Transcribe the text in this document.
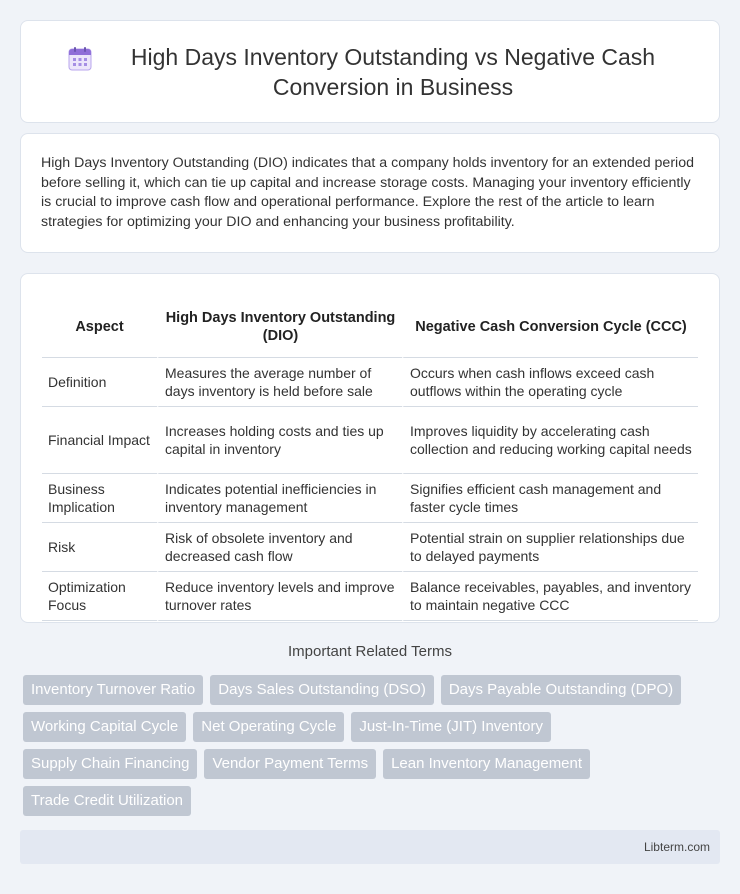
High Days Inventory Outstanding vs Negative Cash Conversion in Business

High Days Inventory Outstanding (DIO) indicates that a company holds inventory for an extended period before selling it, which can tie up capital and increase storage costs. Managing your inventory efficiently is crucial to improve cash flow and operational performance. Explore the rest of the article to learn strategies for optimizing your DIO and enhancing your business profitability.

Aspect	High Days Inventory Outstanding (DIO)	Negative Cash Conversion Cycle (CCC)
Definition	Measures the average number of days inventory is held before sale	Occurs when cash inflows exceed cash outflows within the operating cycle
Financial Impact	Increases holding costs and ties up capital in inventory	Improves liquidity by accelerating cash collection and reducing working capital needs
Business Implication	Indicates potential inefficiencies in inventory management	Signifies efficient cash management and faster cycle times
Risk	Risk of obsolete inventory and decreased cash flow	Potential strain on supplier relationships due to delayed payments
Optimization Focus	Reduce inventory levels and improve turnover rates	Balance receivables, payables, and inventory to maintain negative CCC
Important Related Terms
Inventory Turnover Ratio	Days Sales Outstanding (DSO)	Days Payable Outstanding (DPO)
Working Capital Cycle	Net Operating Cycle	Just-In-Time (JIT) Inventory
Supply Chain Financing	Vendor Payment Terms	Lean Inventory Management
Trade Credit Utilization
Libterm.com
